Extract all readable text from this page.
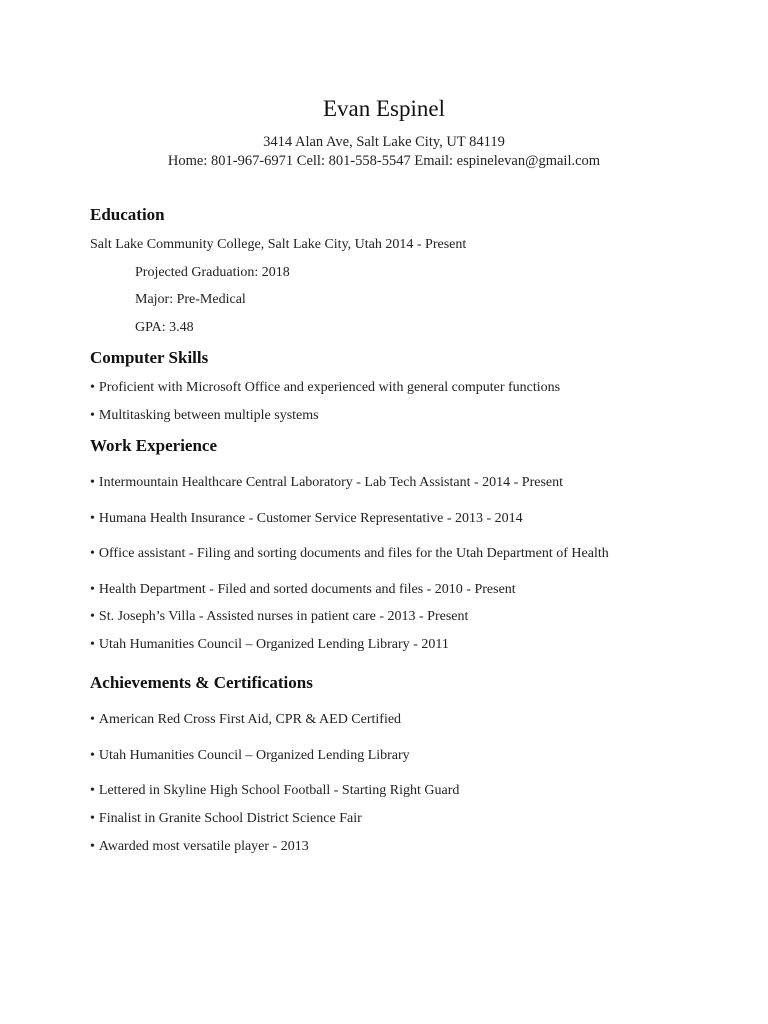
Evan Espinel
3414 Alan Ave, Salt Lake City, UT 84119
Home: 801-967-6971 Cell: 801-558-5547 Email: espinelevan@gmail.com
Education
Salt Lake Community College, Salt Lake City, Utah 2014 - Present
Projected Graduation: 2018
Major: Pre-Medical
GPA: 3.48
Computer Skills
• Proficient with Microsoft Office and experienced with general computer functions
• Multitasking between multiple systems
Work Experience
• Intermountain Healthcare Central Laboratory - Lab Tech Assistant - 2014 - Present
• Humana Health Insurance - Customer Service Representative - 2013 - 2014
• Office assistant - Filing and sorting documents and files for the Utah Department of Health
• Health Department - Filed and sorted documents and files - 2010 - Present
• St. Joseph’s Villa - Assisted nurses in patient care - 2013 - Present
• Utah Humanities Council – Organized Lending Library - 2011
Achievements & Certifications
• American Red Cross First Aid, CPR & AED Certified
• Utah Humanities Council – Organized Lending Library
• Lettered in Skyline High School Football - Starting Right Guard
• Finalist in Granite School District Science Fair
• Awarded most versatile player - 2013
